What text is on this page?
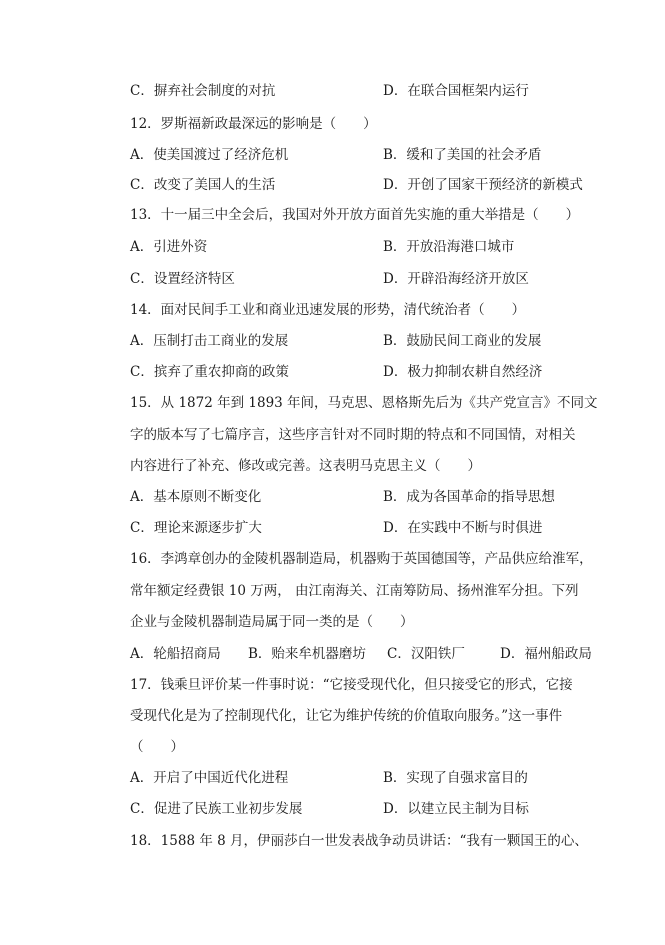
C．摒弃社会制度的对抗	D．在联合国框架内运行
12．罗斯福新政最深远的影响是（　　）
A．使美国渡过了经济危机	B．缓和了美国的社会矛盾
C．改变了美国人的生活	D．开创了国家干预经济的新模式
13．十一届三中全会后，我国对外开放方面首先实施的重大举措是（　　）
A．引进外资	B．开放沿海港口城市
C．设置经济特区	D．开辟沿海经济开放区
14．面对民间手工业和商业迅速发展的形势，清代统治者（　　）
A．压制打击工商业的发展	B．鼓励民间工商业的发展
C．摈弃了重农抑商的政策	D．极力抑制农耕自然经济
15．从 1872 年到 1893 年间，马克思、恩格斯先后为《共产党宣言》不同文
字的版本写了七篇序言，这些序言针对不同时期的特点和不同国情，对相关
内容进行了补充、修改或完善。这表明马克思主义（　　）
A．基本原则不断变化	B．成为各国革命的指导思想
C．理论来源逐步扩大	D．在实践中不断与时俱进
16．李鸿章创办的金陵机器制造局，机器购于英国德国等，产品供应给淮军，
常年额定经费银 10 万两， 由江南海关、江南筹防局、扬州淮军分担。下列
企业与金陵机器制造局属于同一类的是（　　）
A．轮船招商局 B．贻来牟机器磨坊 C．汉阳铁厂	D．福州船政局
17．钱乘旦评价某一件事时说：“它接受现代化，但只接受它的形式，它接
受现代化是为了控制现代化，让它为维护传统的价值取向服务。”这一事件
（　　）
A．开启了中国近代化进程	B．实现了自强求富目的
C．促进了民族工业初步发展	D．以建立民主制为目标
18．1588 年 8 月，伊丽莎白一世发表战争动员讲话：“我有一颗国王的心、
